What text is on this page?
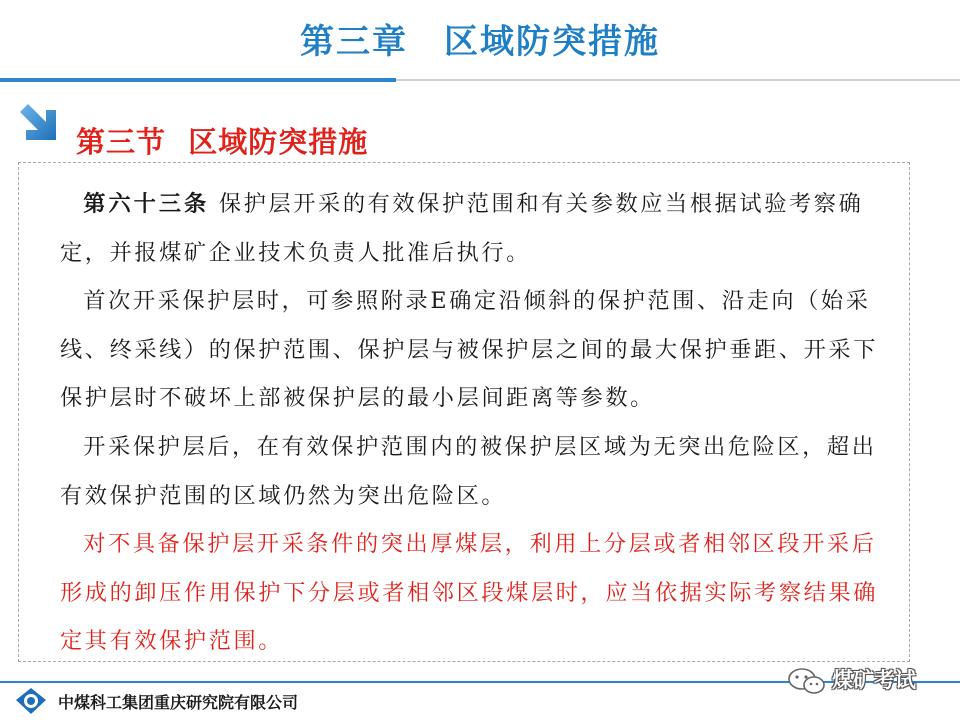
第三章　区域防突措施
第三节  区域防突措施

第六十三条 保护层开采的有效保护范围和有关参数应当根据试验考察确定，并报煤矿企业技术负责人批准后执行。

首次开采保护层时，可参照附录E确定沿倾斜的保护范围、沿走向（始采线、终采线）的保护范围、保护层与被保护层之间的最大保护垂距、开采下保护层时不破坏上部被保护层的最小层间距离等参数。

开采保护层后，在有效保护范围内的被保护层区域为无突出危险区，超出有效保护范围的区域仍然为突出危险区。

对不具备保护层开采条件的突出厚煤层，利用上分层或者相邻区段开采后形成的卸压作用保护下分层或者相邻区段煤层时，应当依据实际考察结果确定其有效保护范围。

中煤科工集团重庆研究院有限公司
煤矿考试
